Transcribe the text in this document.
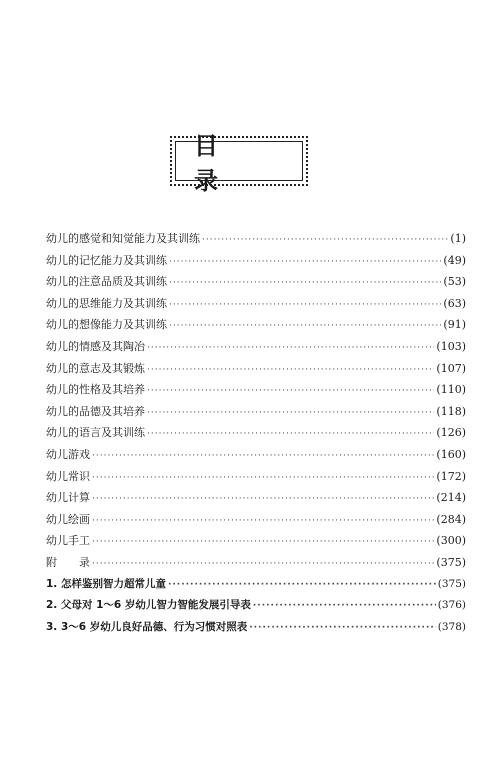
目　录
幼儿的感觉和知觉能力及其训练 ·····	(1)
幼儿的记忆能力及其训练 ·····	(49)
幼儿的注意品质及其训练 ·····	(53)
幼儿的思维能力及其训练 ·····	(63)
幼儿的想像能力及其训练 ·····	(91)
幼儿的情感及其陶冶 ·····	(103)
幼儿的意志及其锻炼 ·····	(107)
幼儿的性格及其培养 ·····	(110)
幼儿的品德及其培养 ·····	(118)
幼儿的语言及其训练 ·····	(126)
幼儿游戏 ·····	(160)
幼儿常识 ·····	(172)
幼儿计算 ·····	(214)
幼儿绘画 ·····	(284)
幼儿手工 ·····	(300)
附　　录 ·····	(375)
1. 怎样鉴别智力超常儿童 ·····	(375)
2. 父母对 1～6 岁幼儿智力智能发展引导表 ·····	(376)
3. 3～6 岁幼儿良好品德、行为习惯对照表 ·····	(378)
